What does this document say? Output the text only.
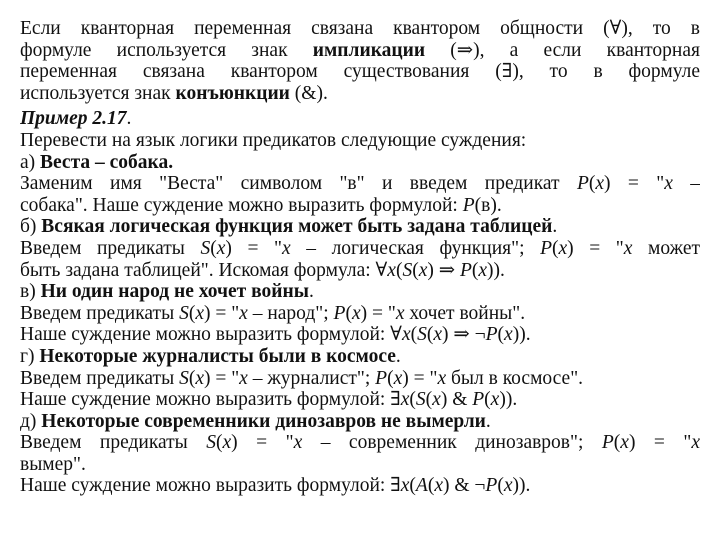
Если кванторная переменная связана квантором общности (∀), то в
формуле используется знак импликации (⇒), а если кванторная
переменная связана квантором существования (∃), то в формуле
используется знак конъюнкции (&).
Пример 2.17.
Перевести на язык логики предикатов следующие суждения:
а) Веста – собака.
Заменим имя "Веста" символом "в" и введем предикат P(x) = "x –
собака". Наше суждение можно выразить формулой: P(в).
б) Всякая логическая функция может быть задана таблицей.
Введем предикаты S(x) = "x – логическая функция"; P(x) = "x может
быть задана таблицей". Искомая формула: ∀x(S(x) ⇒ P(x)).
в) Ни один народ не хочет войны.
Введем предикаты S(x) = "x – народ"; P(x) = "x хочет войны".
Наше суждение можно выразить формулой: ∀x(S(x) ⇒ ¬P(x)).
г) Некоторые журналисты были в космосе.
Введем предикаты S(x) = "x – журналист"; P(x) = "x был в космосе".
Наше суждение можно выразить формулой: ∃x(S(x) & P(x)).
д) Некоторые современники динозавров не вымерли.
Введем предикаты S(x) = "x – современник динозавров"; P(x) = "x
вымер".
Наше суждение можно выразить формулой: ∃x(A(x) & ¬P(x)).
